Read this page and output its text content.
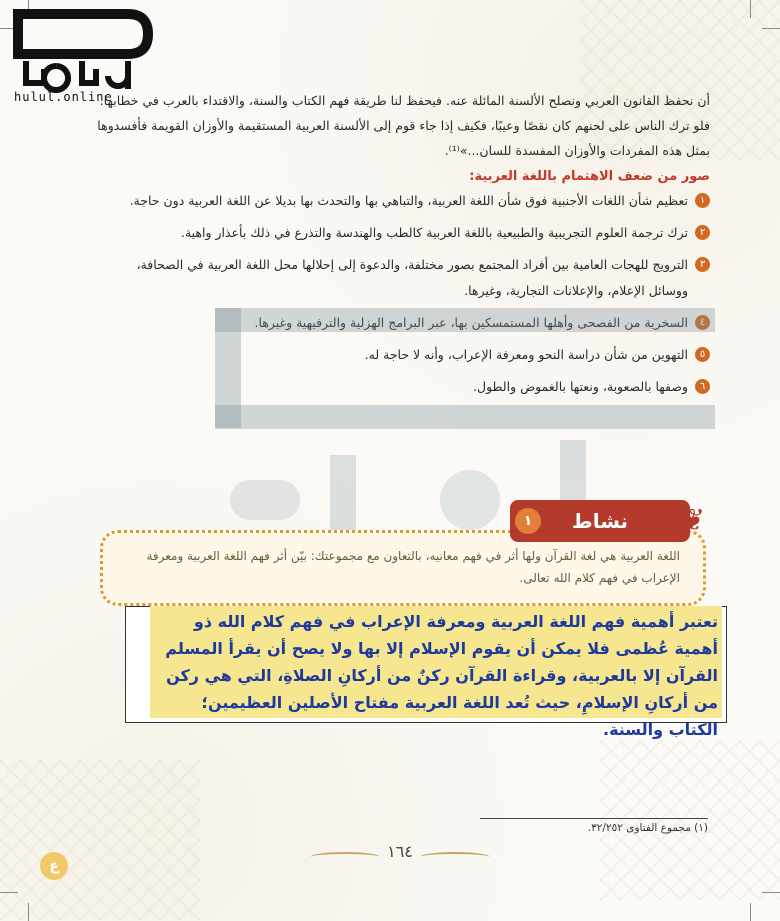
hulul.online

أن نحفظ القانون العربي ونصلح الألسنة المائلة عنه. فيحفظ لنا طريقة فهم الكتاب والسنة، والاقتداء بالعرب في خطابها.

فلو ترك الناس على لحنهم كان نقصًا وعيبًا، فكيف إذا جاء قوم إلى الألسنة العربية المستقيمة والأوزان القويمة فأفسدوها

بمثل هذه المفردات والأوزان المفسدة للسان...»⁽¹⁾.

صور من ضعف الاهتمام باللغة العربية:
١
تعظيم شأن اللغات الأجنبية فوق شأن اللغة العربية، والتباهي بها والتحدث بها بديلا عن اللغة العربية دون حاجة.
٢
ترك ترجمة العلوم التجريبية والطبيعية باللغة العربية كالطب والهندسة والتذرع في ذلك بأعذار واهية.
٣
الترويج للهجات العامية بين أفراد المجتمع بصور مختلفة، والدعوة إلى إحلالها محل اللغة العربية في الصحافة،
ووسائل الإعلام، والإعلانات التجارية، وغيرها.
٥
التهوين من شأن دراسة النحو ومعرفة الإعراب، وأنه لا حاجة له.
٦
وصفها بالصعوبة، ونعتها بالغموض والطول.
نشاط
١	❦
اللغة العربية هي لغة القرآن ولها أثر في فهم معانيه، بالتعاون مع مجموعتك: بيّن أثر فهم اللغة العربية ومعرفة الإعراب في فهم كلام الله تعالى.
تعتبر أهمية فهم اللغة العربية ومعرفة الإعراب في فهم كلام الله ذو أهمية عُظمى فلا يمكن أن يقوم الإسلام إلا بها ولا يصح أن يقرأ المسلم القرآن إلا بالعربية، وقراءة القرآن ركنٌ من أركانِ الصلاةِ، التي هي ركن من أركانِ الإسلامِ، حيث تُعد اللغة العربية مفتاح الأصلين العظيمين؛ الكتاب والسنة.
(١) مجموع الفتاوى ٣٢/٢٥٢.
١٦٤
ع
